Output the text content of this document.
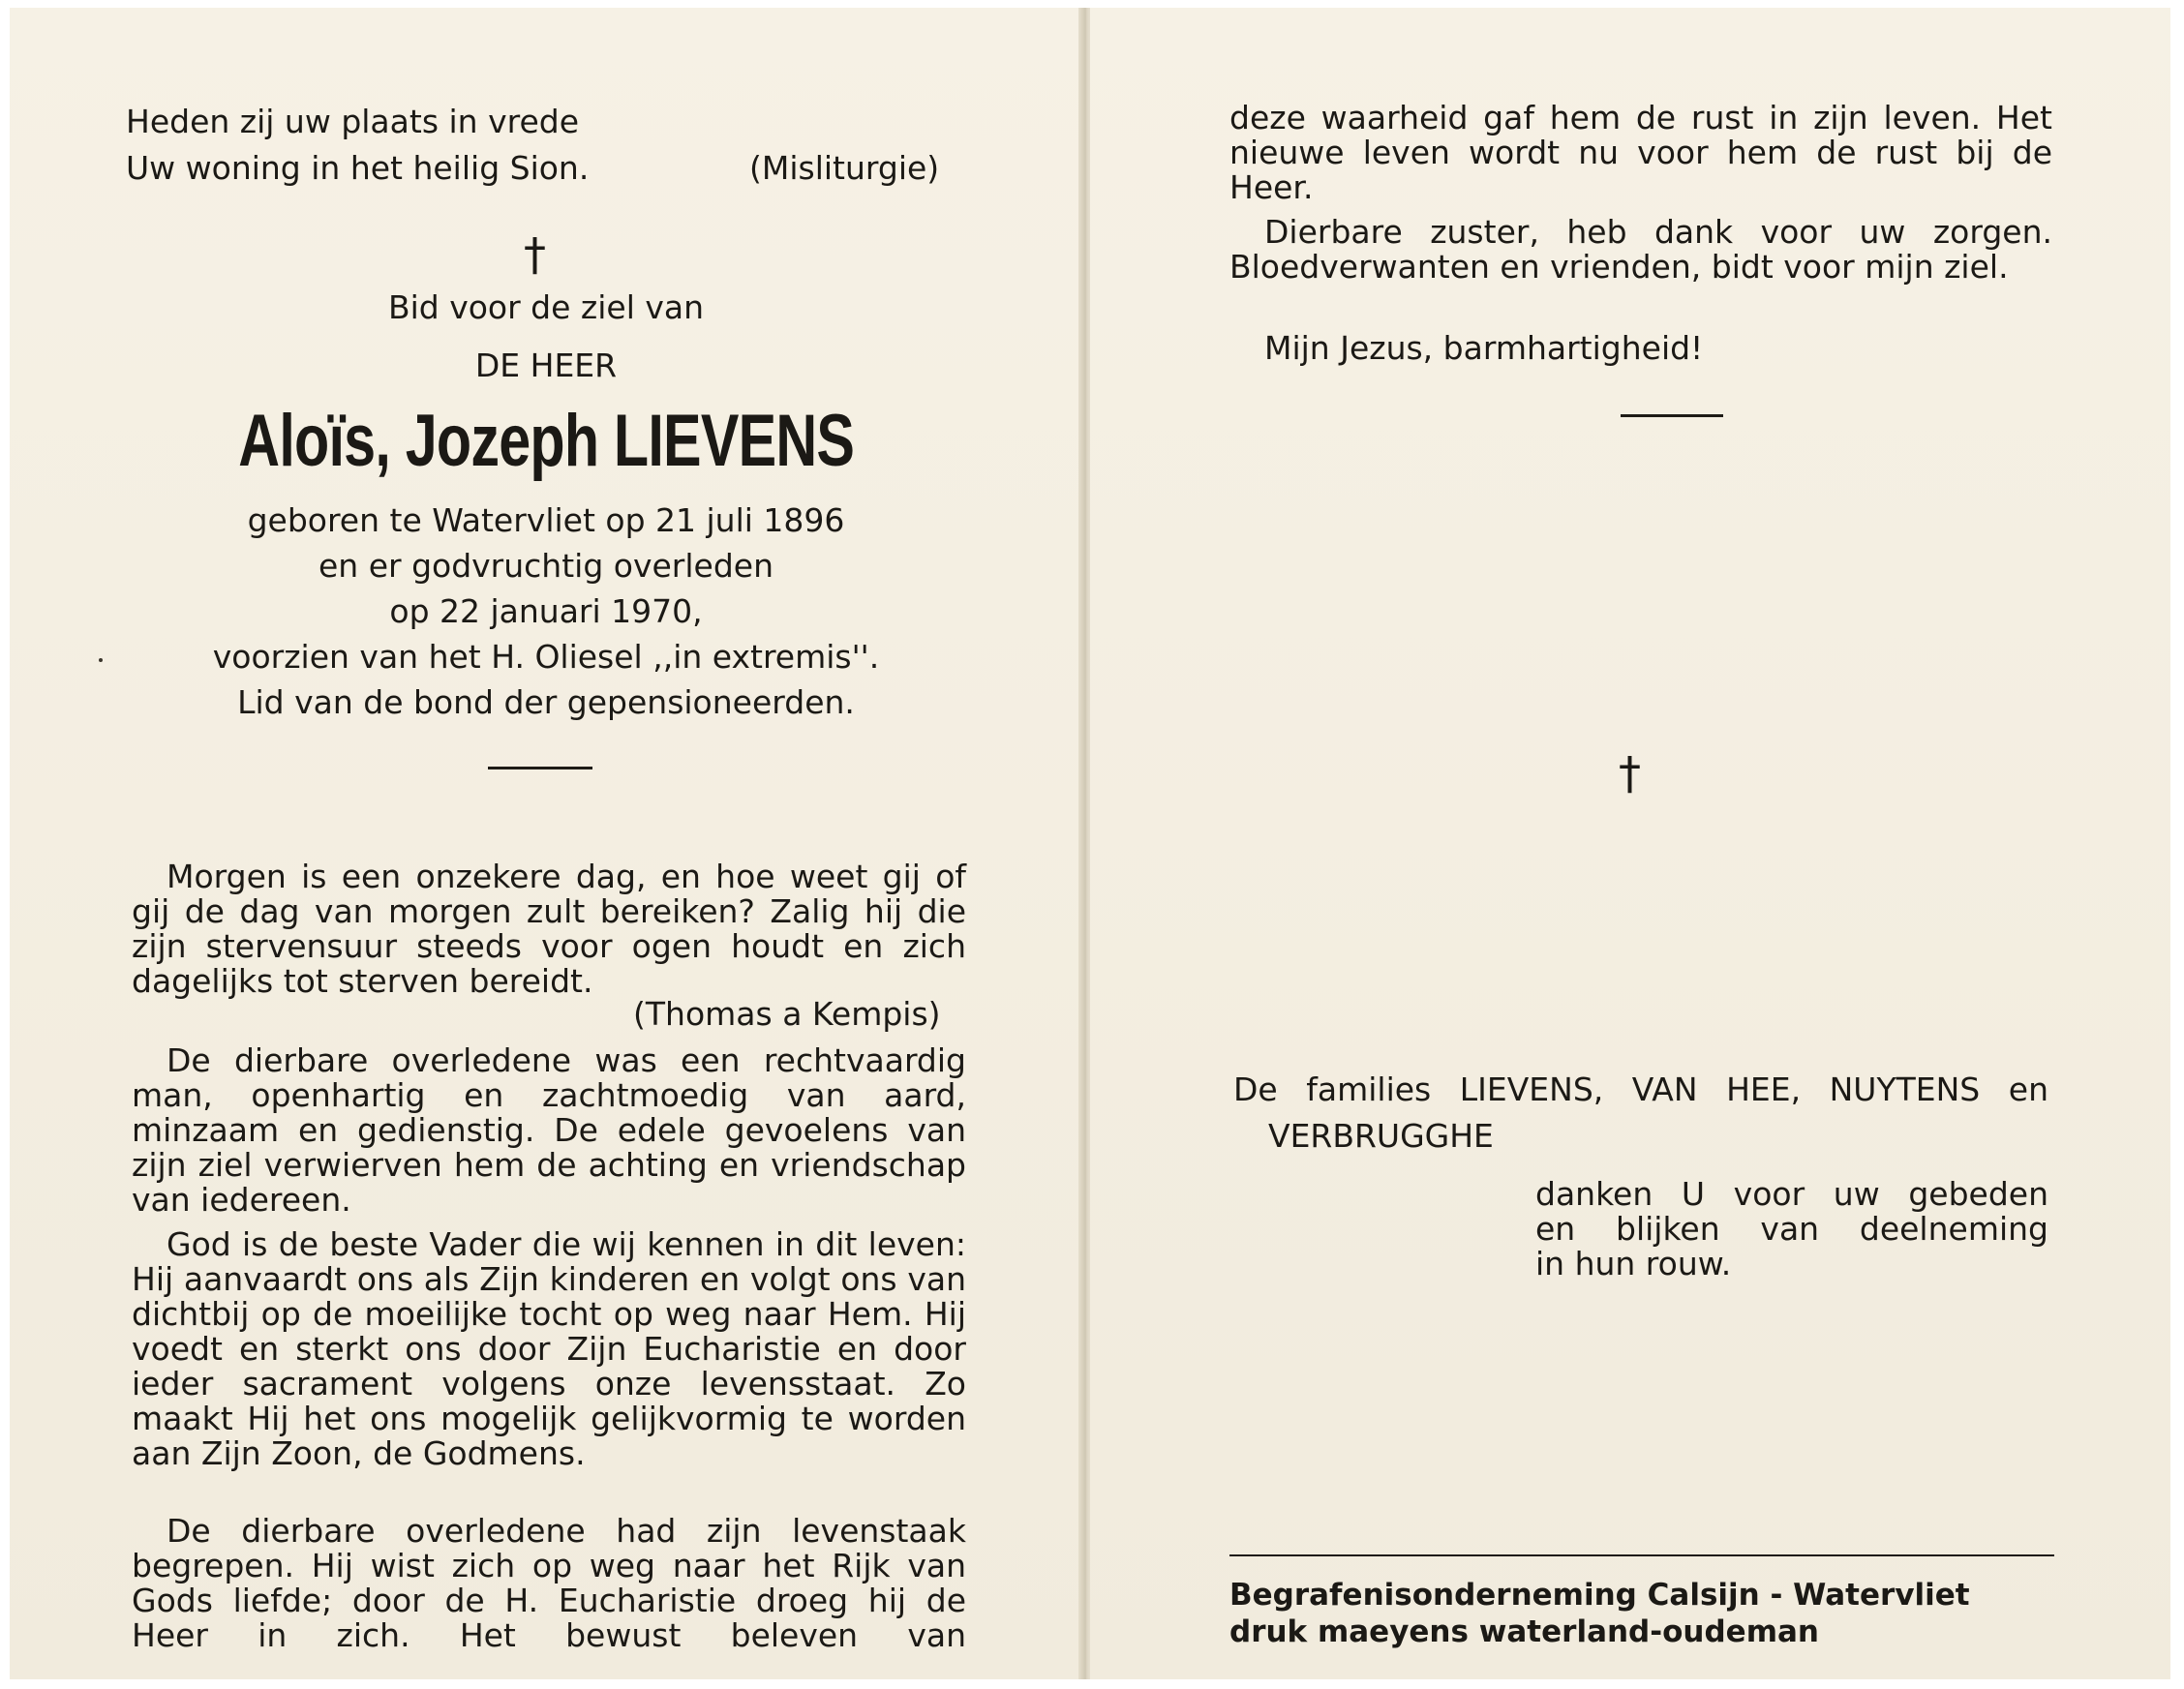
Heden zij uw plaats in vrede
Uw woning in het heilig Sion.	(Misliturgie)
†
Bid voor de ziel van
DE HEER
Aloïs, Jozeph LIEVENS
geboren te Watervliet op 21 juli 1896
en er godvruchtig overleden
op 22 januari 1970,
voorzien van het H. Oliesel ,,in extremis''.
Lid van de bond der gepensioneerden.

Morgen is een onzekere dag, en hoe weet gij of gij de dag van morgen zult bereiken? Zalig hij die zijn stervensuur steeds voor ogen houdt en zich dagelijks tot sterven bereidt.

(Thomas a Kempis)

De dierbare overledene was een rechtvaardig man, openhartig en zachtmoedig van aard, minzaam en gedienstig. De edele gevoelens van zijn ziel verwierven hem de achting en vriendschap van iedereen.

God is de beste Vader die wij kennen in dit leven: Hij aanvaardt ons als Zijn kinderen en volgt ons van dichtbij op de moeilijke tocht op weg naar Hem. Hij voedt en sterkt ons door Zijn Eucharistie en door ieder sacrament volgens onze levensstaat. Zo maakt Hij het ons mogelijk gelijkvormig te worden aan Zijn Zoon, de Godmens.

De dierbare overledene had zijn levenstaak begrepen. Hij wist zich op weg naar het Rijk van Gods liefde; door de H. Eucharistie droeg hij de Heer in zich. Het bewust beleven van

deze waarheid gaf hem de rust in zijn leven. Het nieuwe leven wordt nu voor hem de rust bij de Heer.

Dierbare zuster, heb dank voor uw zorgen. Bloedverwanten en vrienden, bidt voor mijn ziel.

Mijn Jezus, barmhartigheid!
†
De families LIEVENS, VAN HEE, NUYTENS en
VERBRUGGHE
danken U voor uw gebeden
en blijken van deelneming
in hun rouw.
Begrafenisonderneming Calsijn - Watervliet
druk maeyens waterland-oudeman
